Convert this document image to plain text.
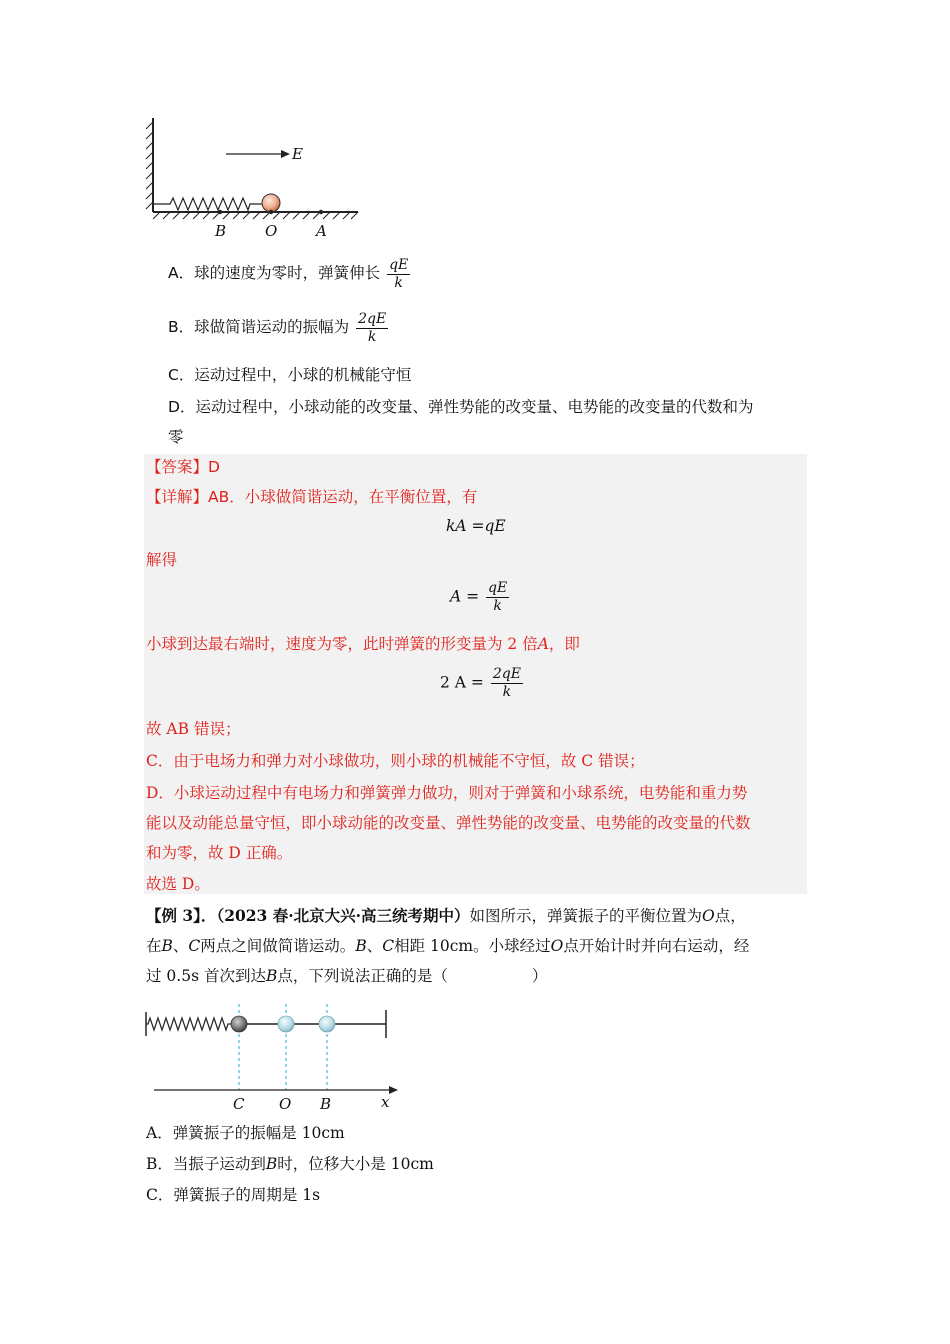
E
B	O	A
A．球的速度为零时，弹簧伸长 $\frac{qE}{k}$
B．球做简谐运动的振幅为 $\frac{2qE}{k}$
C．运动过程中，小球的机械能守恒
D．运动过程中，小球动能的改变量、弹性势能的改变量、电势能的改变量的代数和为
零
【答案】D
【详解】AB．小球做简谐运动，在平衡位置，有
kA =qE
解得
$A = \frac{qE}{k}$
小球到达最右端时，速度为零，此时弹簧的形变量为 2 倍A，即
2 $A = \frac{2qE}{k}$
故 AB 错误；
C．由于电场力和弹力对小球做功，则小球的机械能不守恒，故 C 错误；
D．小球运动过程中有电场力和弹簧弹力做功，则对于弹簧和小球系统，电势能和重力势
能以及动能总量守恒，即小球动能的改变量、弹性势能的改变量、电势能的改变量的代数
和为零，故 D 正确。
故选 D。
【例 3】．（2023 春·北京大兴·高三统考期中）如图所示，弹簧振子的平衡位置为O点，
在B、C两点之间做简谐运动。B、C相距 10cm。小球经过O点开始计时并向右运动，经
过 0.5s 首次到达B点，下列说法正确的是（	）
C O B	x
A．弹簧振子的振幅是 10cm
B．当振子运动到B时，位移大小是 10cm
C．弹簧振子的周期是 1s
